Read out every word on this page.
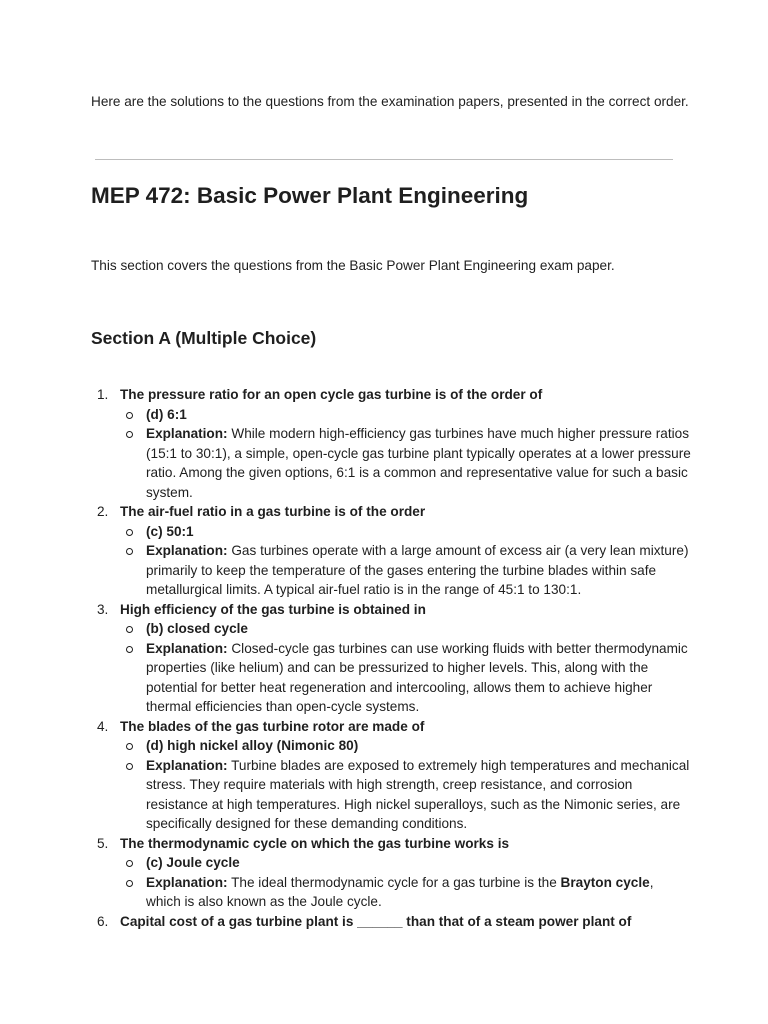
Here are the solutions to the questions from the examination papers, presented in the correct order.

MEP 472: Basic Power Plant Engineering

This section covers the questions from the Basic Power Plant Engineering exam paper.

Section A (Multiple Choice)
1. The pressure ratio for an open cycle gas turbine is of the order of
(d) 6:1
Explanation: While modern high-efficiency gas turbines have much higher pressure ratios (15:1 to 30:1), a simple, open-cycle gas turbine plant typically operates at a lower pressure ratio. Among the given options, 6:1 is a common and representative value for such a basic system.
2. The air-fuel ratio in a gas turbine is of the order
(c) 50:1
Explanation: Gas turbines operate with a large amount of excess air (a very lean mixture) primarily to keep the temperature of the gases entering the turbine blades within safe metallurgical limits. A typical air-fuel ratio is in the range of 45:1 to 130:1.
3. High efficiency of the gas turbine is obtained in
(b) closed cycle
Explanation: Closed-cycle gas turbines can use working fluids with better thermodynamic properties (like helium) and can be pressurized to higher levels. This, along with the potential for better heat regeneration and intercooling, allows them to achieve higher thermal efficiencies than open-cycle systems.
4. The blades of the gas turbine rotor are made of
(d) high nickel alloy (Nimonic 80)
Explanation: Turbine blades are exposed to extremely high temperatures and mechanical stress. They require materials with high strength, creep resistance, and corrosion resistance at high temperatures. High nickel superalloys, such as the Nimonic series, are specifically designed for these demanding conditions.
5. The thermodynamic cycle on which the gas turbine works is
(c) Joule cycle
Explanation: The ideal thermodynamic cycle for a gas turbine is the Brayton cycle, which is also known as the Joule cycle.
6. Capital cost of a gas turbine plant is ______ than that of a steam power plant of
